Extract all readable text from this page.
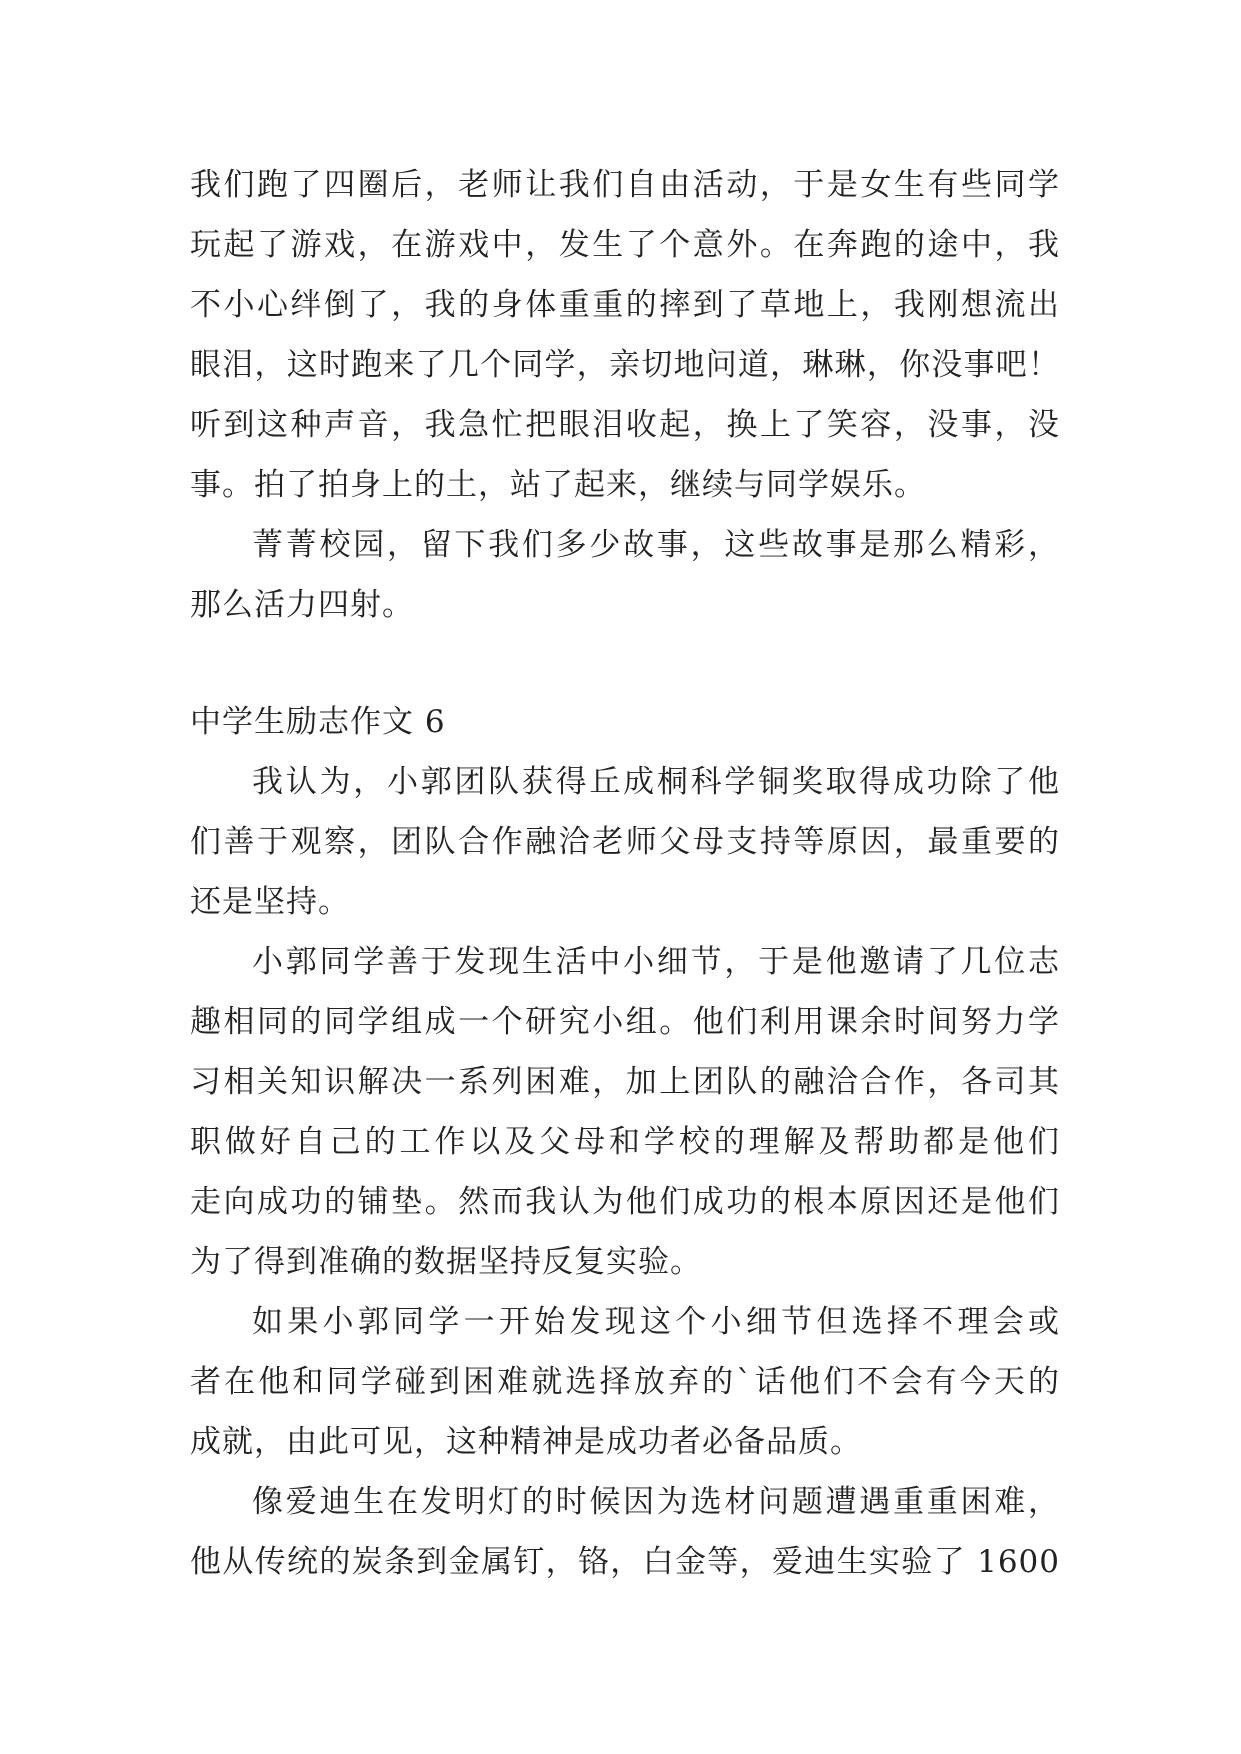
我们跑了四圈后，老师让我们自由活动，于是女生有些同学
玩起了游戏，在游戏中，发生了个意外。在奔跑的途中，我
不小心绊倒了，我的身体重重的摔到了草地上，我刚想流出
眼泪，这时跑来了几个同学，亲切地问道，琳琳，你没事吧！
听到这种声音，我急忙把眼泪收起，换上了笑容，没事，没
事。拍了拍身上的土，站了起来，继续与同学娱乐。
菁菁校园，留下我们多少故事，这些故事是那么精彩，
那么活力四射。
中学生励志作文 6
我认为，小郭团队获得丘成桐科学铜奖取得成功除了他
们善于观察，团队合作融洽老师父母支持等原因，最重要的
还是坚持。
小郭同学善于发现生活中小细节，于是他邀请了几位志
趣相同的同学组成一个研究小组。他们利用课余时间努力学
习相关知识解决一系列困难，加上团队的融洽合作，各司其
职做好自己的工作以及父母和学校的理解及帮助都是他们
走向成功的铺垫。然而我认为他们成功的根本原因还是他们
为了得到准确的数据坚持反复实验。
如果小郭同学一开始发现这个小细节但选择不理会或
者在他和同学碰到困难就选择放弃的`话他们不会有今天的
成就，由此可见，这种精神是成功者必备品质。
像爱迪生在发明灯的时候因为选材问题遭遇重重困难，
他从传统的炭条到金属钉，铬，白金等，爱迪生实验了 1600
